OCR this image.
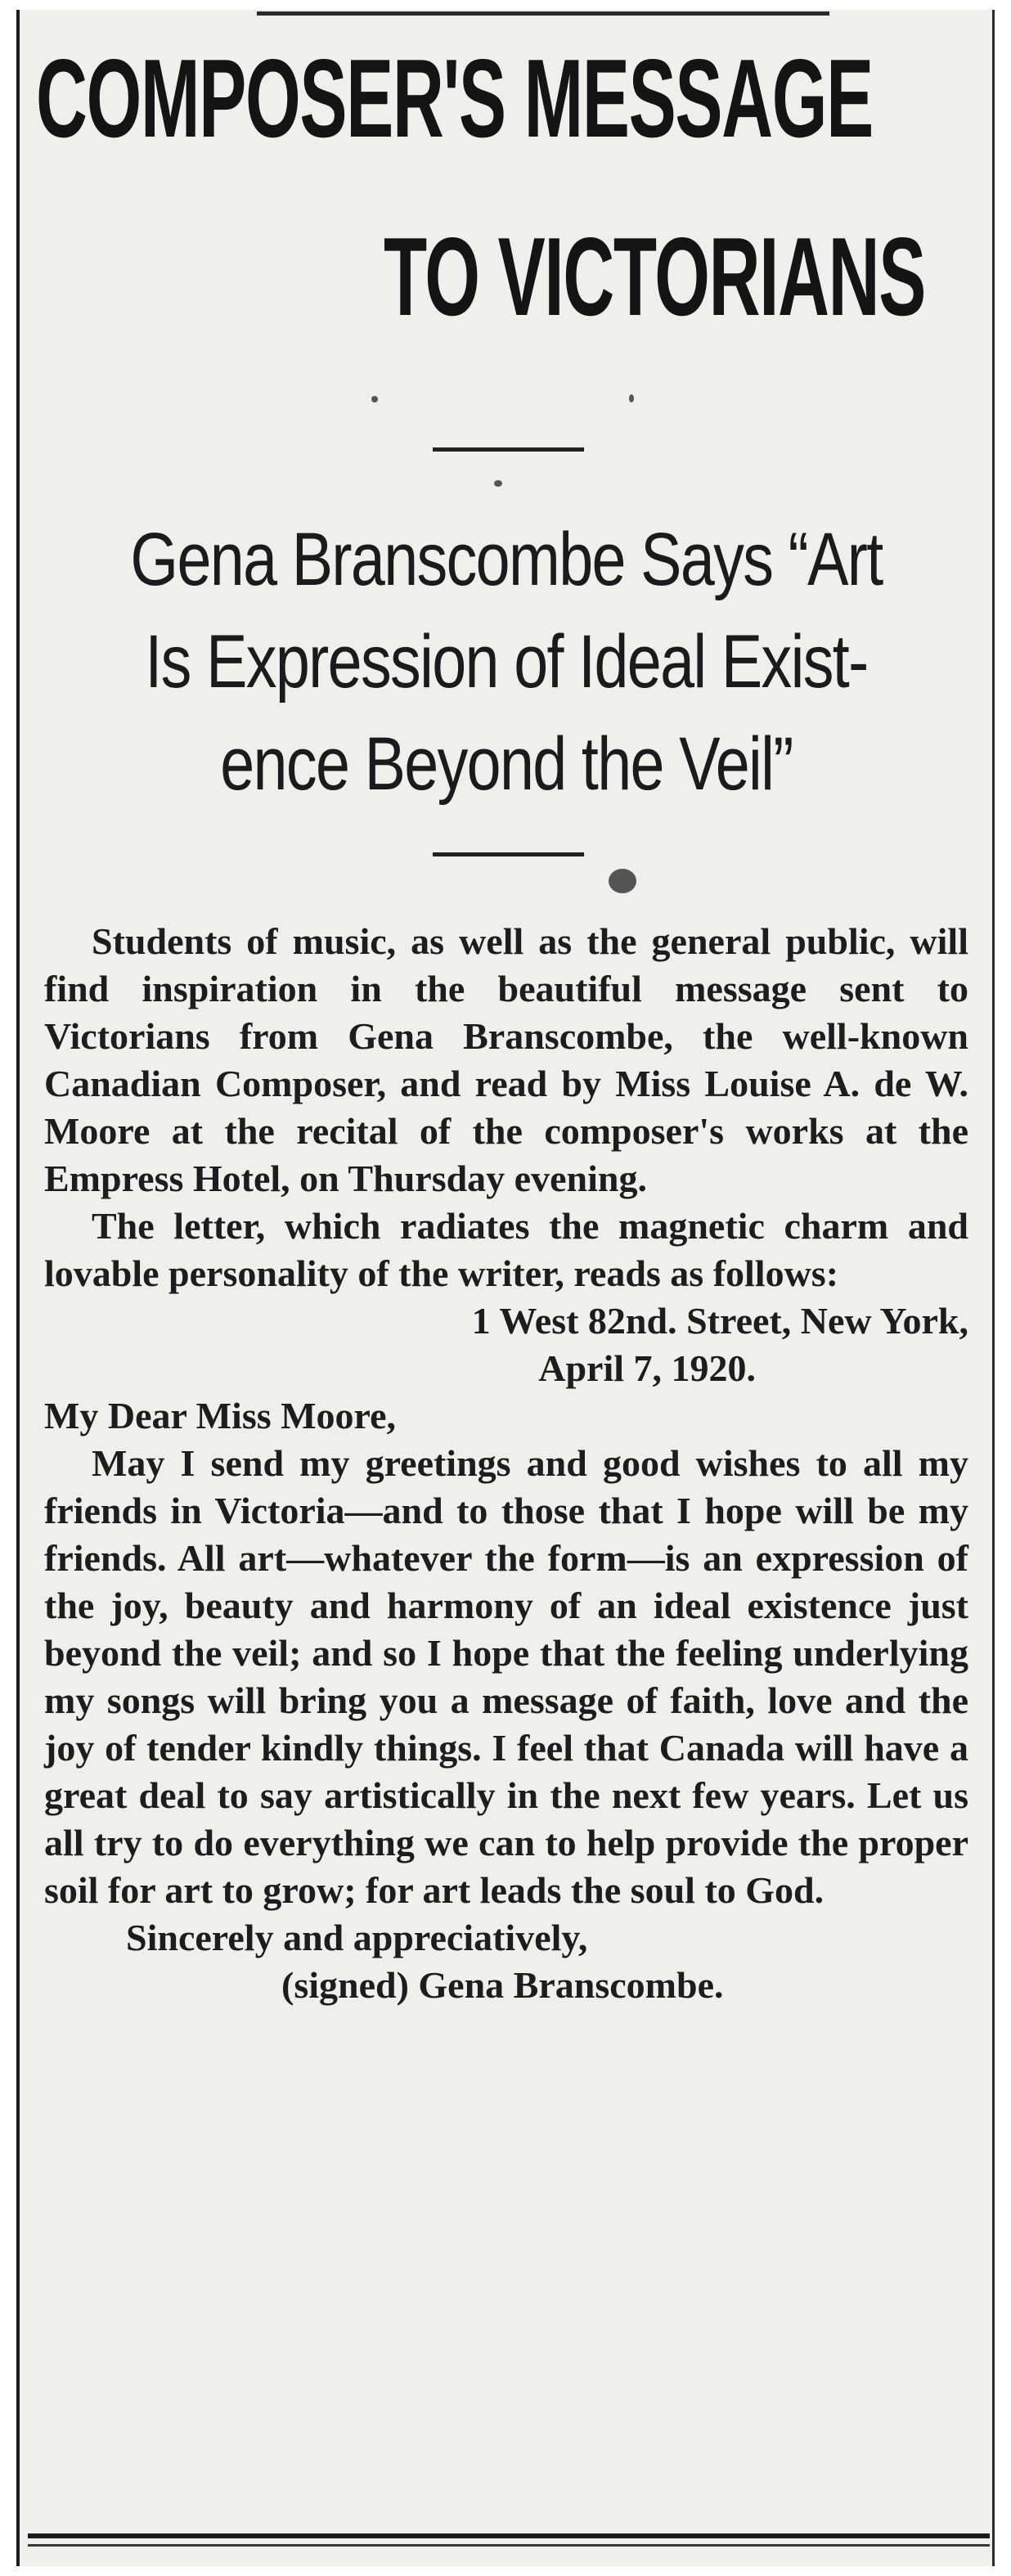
COMPOSER'S MESSAGE
TO VICTORIANS
Gena Branscombe Says “Art
Is Expression of Ideal Exist-
ence Beyond the Veil”

Students of music, as well as the general public, will find inspiration in the beautiful message sent to Victorians from Gena Branscombe, the well-known Canadian Composer, and read by Miss Louise A. de W. Moore at the recital of the composer's works at the Empress Hotel, on Thursday evening.

The letter, which radiates the magnetic charm and lovable personality of the writer, reads as follows:

1 West 82nd. Street, New York,

April 7, 1920.

My Dear Miss Moore,

May I send my greetings and good wishes to all my friends in Victoria—and to those that I hope will be my friends. All art—whatever the form—is an expression of the joy, beauty and harmony of an ideal existence just beyond the veil; and so I hope that the feeling underlying my songs will bring you a message of faith, love and the joy of tender kindly things. I feel that Canada will have a great deal to say artistically in the next few years. Let us all try to do everything we can to help provide the proper soil for art to grow; for art leads the soul to God.

Sincerely and appreciatively,

(signed) Gena Branscombe.
